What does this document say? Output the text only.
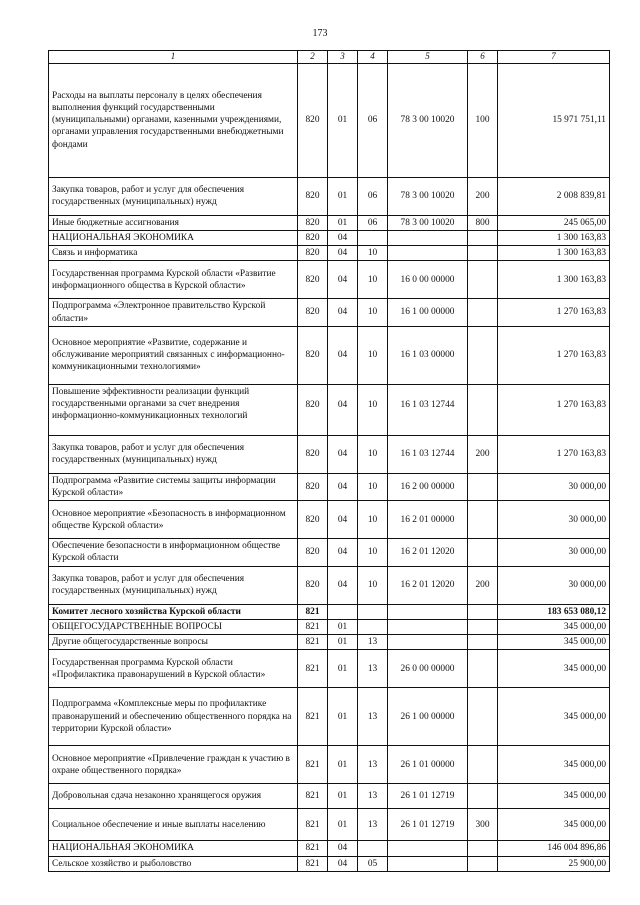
173
1	2	3	4	5	6	7
Расходы на выплаты персоналу в целях обеспечения выполнения функций государственными (муниципальными) органами, казенными учреждениями, органами управления государственными внебюджетными фондами	820	01	06	78 3 00 10020	100	15 971 751,11
Закупка товаров, работ и услуг для обеспечения государственных (муниципальных) нужд	820	01	06	78 3 00 10020	200	2 008 839,81
Иные бюджетные ассигнования	820	01	06	78 3 00 10020	800	245 065,00
НАЦИОНАЛЬНАЯ ЭКОНОМИКА	820	04				1 300 163,83
Связь и информатика	820	04	10			1 300 163,83
Государственная программа Курской области «Развитие информационного общества в Курской области»	820	04	10	16 0 00 00000		1 300 163,83
Подпрограмма «Электронное правительство Курской области»	820	04	10	16 1 00 00000		1 270 163,83
Основное мероприятие «Развитие, содержание и обслуживание мероприятий связанных с информационно-коммуникационными технологиями»	820	04	10	16 1 03 00000		1 270 163,83
Повышение эффективности реализации функций государственными органами за счет внедрения информационно-коммуникационных технологий	820	04	10	16 1 03 12744		1 270 163,83
Закупка товаров, работ и услуг для обеспечения государственных (муниципальных) нужд	820	04	10	16 1 03 12744	200	1 270 163,83
Подпрограмма «Развитие системы защиты информации Курской области»	820	04	10	16 2 00 00000		30 000,00
Основное мероприятие «Безопасность в информационном обществе Курской области»	820	04	10	16 2 01 00000		30 000,00
Обеспечение безопасности в информационном обществе Курской области	820	04	10	16 2 01 12020		30 000,00
Закупка товаров, работ и услуг для обеспечения государственных (муниципальных) нужд	820	04	10	16 2 01 12020	200	30 000,00
Комитет лесного хозяйства Курской области	821					183 653 080,12
ОБЩЕГОСУДАРСТВЕННЫЕ ВОПРОСЫ	821	01				345 000,00
Другие общегосударственные вопросы	821	01	13			345 000,00
Государственная программа Курской области «Профилактика правонарушений в Курской области»	821	01	13	26 0 00 00000		345 000,00
Подпрограмма «Комплексные меры по профилактике правонарушений и обеспечению общественного порядка на территории Курской области»	821	01	13	26 1 00 00000		345 000,00
Основное мероприятие «Привлечение граждан к участию в охране общественного порядка»	821	01	13	26 1 01 00000		345 000,00
Добровольная сдача незаконно хранящегося оружия	821	01	13	26 1 01 12719		345 000,00
Социальное обеспечение и иные выплаты населению	821	01	13	26 1 01 12719	300	345 000,00
НАЦИОНАЛЬНАЯ ЭКОНОМИКА	821	04				146 004 896,86
Сельское хозяйство и рыболовство	821	04	05			25 900,00
